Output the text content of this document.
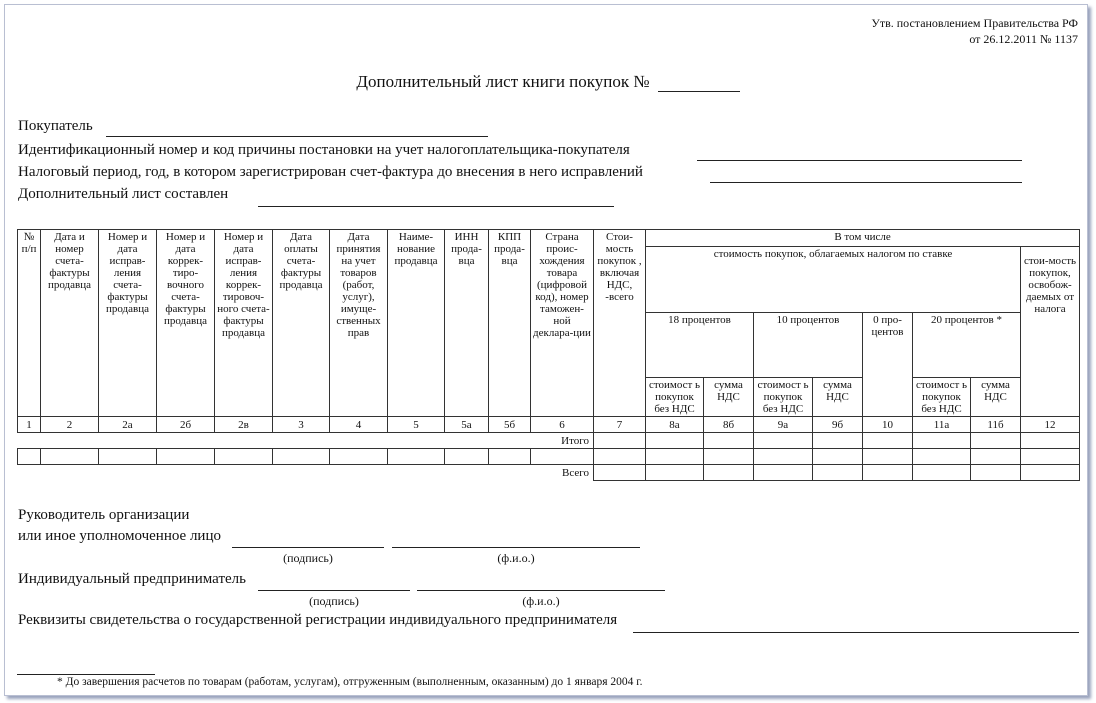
Утв. постановлением Правительства РФ
от 26.12.2011 № 1137
Дополнительный лист книги покупок №
Покупатель
Идентификационный номер и код причины постановки на учет налогоплательщика-покупателя
Налоговый период, год, в котором зарегистрирован счет-фактура до внесения в него исправлений
Дополнительный лист составлен
№ п/п	Дата и номер счета-фактуры продавца	Номер и дата исправ-ления счета-фактуры продавца	Номер и дата коррек-тиро-вочного счета-фактуры продавца	Номер и дата исправ-ления коррек-тировоч-ного счета-фактуры продавца	Дата оплаты счета-фактуры продавца	Дата принятия на учет товаров (работ, услуг), имуще-ственных прав	Наиме-нование продавца	ИНН прода-вца	КПП прода-вца	Страна проис-хождения товара (цифровой код), номер таможен-ной деклара-ции	Стои-мость покупок , включая НДС, -всего	В том числе							
												стоимость покупок, облагаемых налогом по ставке							стои-мость покупок, освобож-даемых от налога
												18 процентов		10 процентов		0 про-центов	20 процентов *		
												стоимост ь покупок без НДС	сумма НДС	стоимост ь покупок без НДС	сумма НДС		стоимост ь покупок без НДС	сумма НДС	
1	2	2а	2б	2в	3	4	5	5а	5б	6	7	8а	8б	9а	9б	10	11а	11б	12
Итого																			

Всего																			
Руководитель организации
или иное уполномоченное лицо
(подпись)	(ф.и.о.)
Индивидуальный предприниматель
(подпись)	(ф.и.о.)
Реквизиты свидетельства о государственной регистрации индивидуального предпринимателя
* До завершения расчетов по товарам (работам, услугам), отгруженным (выполненным, оказанным) до 1 января 2004 г.
